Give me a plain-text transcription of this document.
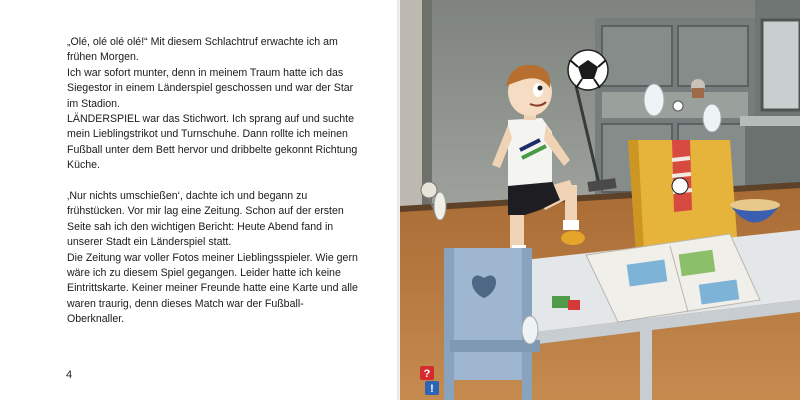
„Olé, olé olé olé!“ Mit diesem Schlachtruf erwachte ich am frühen Morgen.
Ich war sofort munter, denn in meinem Traum hatte ich das Siegestor in einem Länderspiel geschossen und war der Star im Stadion.
LÄNDERSPIEL war das Stichwort. Ich sprang auf und suchte mein Lieblingstrikot und Turnschuhe. Dann rollte ich meinen Fußball unter dem Bett hervor und dribbelte gekonnt Richtung Küche.

‚Nur nichts umschießen‘, dachte ich und begann zu frühstücken. Vor mir lag eine Zeitung. Schon auf der ersten Seite sah ich den wichtigen Bericht: Heute Abend fand in unserer Stadt ein Länderspiel statt.
Die Zeitung war voller Fotos meiner Lieblingsspieler. Wie gern wäre ich zu diesem Spiel gegangen. Leider hatte ich keine Eintrittskarte. Keiner meiner Freunde hatte eine Karte und alle waren traurig, denn dieses Match war der Fußball-Oberknaller.

4	?
!
